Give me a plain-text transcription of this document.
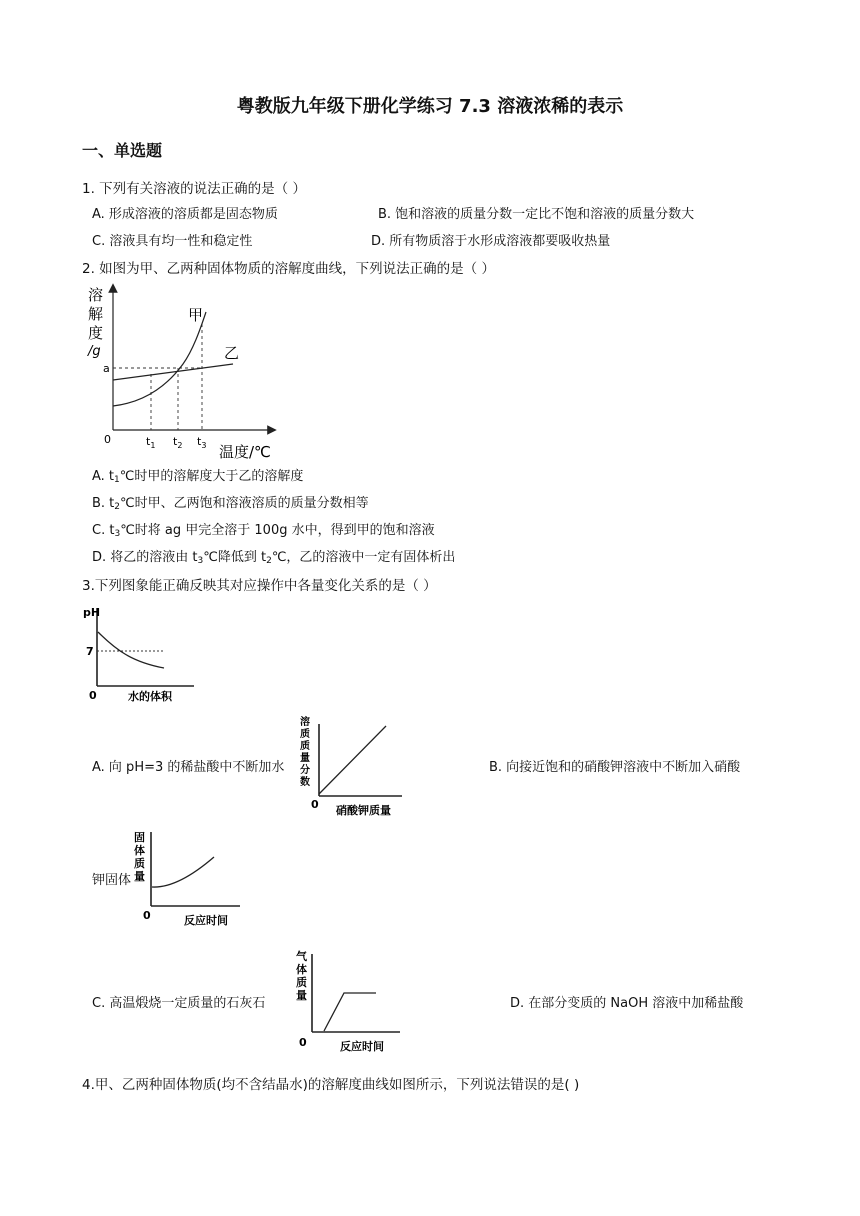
粤教版九年级下册化学练习 7.3 溶液浓稀的表示
一、单选题
1. 下列有关溶液的说法正确的是（ ）
A. 形成溶液的溶质都是固态物质	B. 饱和溶液的质量分数一定比不饱和溶液的质量分数大
C. 溶液具有均一性和稳定性	D. 所有物质溶于水形成溶液都要吸收热量
2. 如图为甲、乙两种固体物质的溶解度曲线，下列说法正确的是（ ）
溶
解
度
/g
a
0
甲
乙
$t_1$ $t_2$ $t_3$ 温度/℃
A. $t_1℃$时甲的溶解度大于乙的溶解度
B. $t_2℃$时甲、乙两饱和溶液溶质的质量分数相等
C. $t_3℃$时将 ag 甲完全溶于 100g 水中，得到甲的饱和溶液
D. 将乙的溶液由 $t_3℃$降低到 $t_2℃$，乙的溶液中一定有固体析出
3.下列图象能正确反映其对应操作中各量变化关系的是（ ）
pH
7
0	水的体积
A. 向 pH=3 的稀盐酸中不断加水
溶
质
质
量
分
数
0 硝酸钾质量
B. 向接近饱和的硝酸钾溶液中不断加入硝酸
固
体
质
量
0	反应时间
钾固体
气
体
质
量
0	反应时间
C. 高温煅烧一定质量的石灰石	D. 在部分变质的 NaOH 溶液中加稀盐酸
4.甲、乙两种固体物质(均不含结晶水)的溶解度曲线如图所示，下列说法错误的是( )
